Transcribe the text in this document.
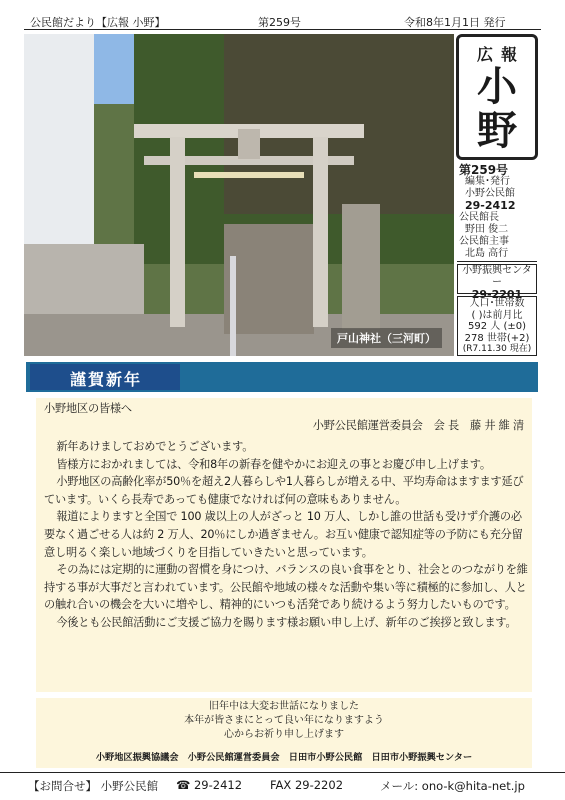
公民館だより【広報 小野】	第259号	令和8年1月1日 発行
戸山神社（三河町）
広報
小
野
第259号
編集･発行
小野公民館
29-2412
公民館長
野田 俊二
公民館主事
北島 高行
小野振興センター
29-2201
人口･世帯数
( )は前月比
592 人 (±0)
278 世帯(+2)
(R7.11.30 現在)
謹賀新年

小野地区の皆様へ

小野公民館運営委員会　会 長　藤 井 維 清

新年あけましておめでとうございます。

皆様方におかれましては、令和8年の新春を健やかにお迎えの事とお慶び申し上げます。

小野地区の高齢化率が50％を超え2人暮らしや1人暮らしが増える中、平均寿命はますます延びています。いくら長寿であっても健康でなければ何の意味もありません。

報道によりますと全国で 100 歳以上の人がざっと 10 万人、しかし誰の世話も受けず介護の必要なく過ごせる人は約 2 万人、20％にしか過ぎません。お互い健康で認知症等の予防にも充分留意し明るく楽しい地域づくりを目指していきたいと思っています。

その為には定期的に運動の習慣を身につけ、バランスの良い食事をとり、社会とのつながりを維持する事が大事だと言われています。公民館や地域の様々な活動や集い等に積極的に参加し、人との触れ合いの機会を大いに増やし、精神的にいつも活発であり続けるよう努力したいものです。

今後とも公民館活動にご支援ご協力を賜ります様お願い申し上げ、新年のご挨拶と致します。

旧年中は大変お世話になりました
本年が皆さまにとって良い年になりますよう
心からお祈り申し上げます
小野地区振興協議会　小野公民館運営委員会　日田市小野公民館　日田市小野振興センター
【お問合せ】 小野公民館 ☎ 29-2412 FAX 29-2202	メール: ono-k@hita-net.jp
